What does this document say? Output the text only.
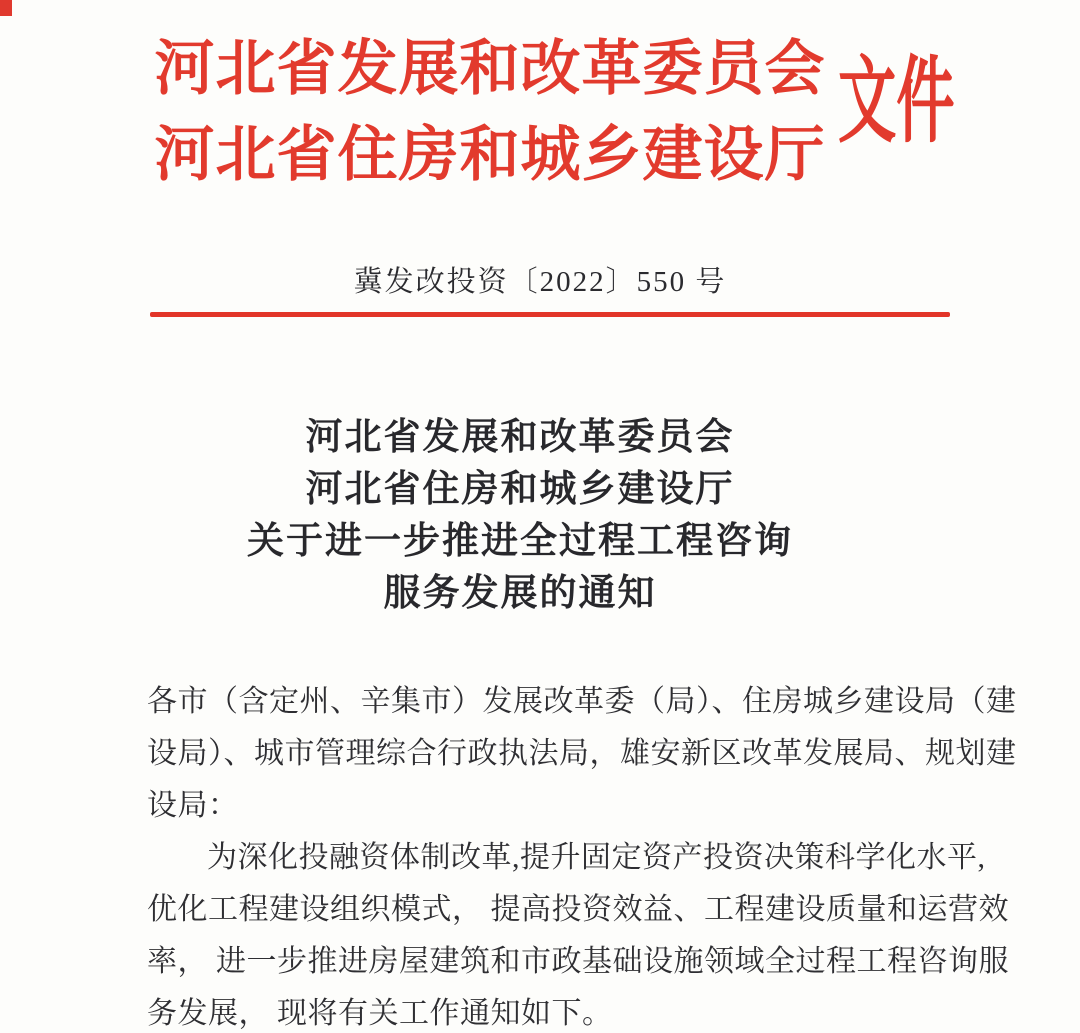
河北省发展和改革委员会
河北省住房和城乡建设厅
文件
冀发改投资〔2022〕550 号
河北省发展和改革委员会
河北省住房和城乡建设厅
关于进一步推进全过程工程咨询
服务发展的通知
各市（含定州、辛集市）发展改革委（局）、住房城乡建设局（建
设局）、城市管理综合行政执法局，雄安新区改革发展局、规划建
设局：
为深化投融资体制改革,提升固定资产投资决策科学化水平,
优化工程建设组织模式， 提高投资效益、工程建设质量和运营效
率， 进一步推进房屋建筑和市政基础设施领域全过程工程咨询服
务发展， 现将有关工作通知如下。
